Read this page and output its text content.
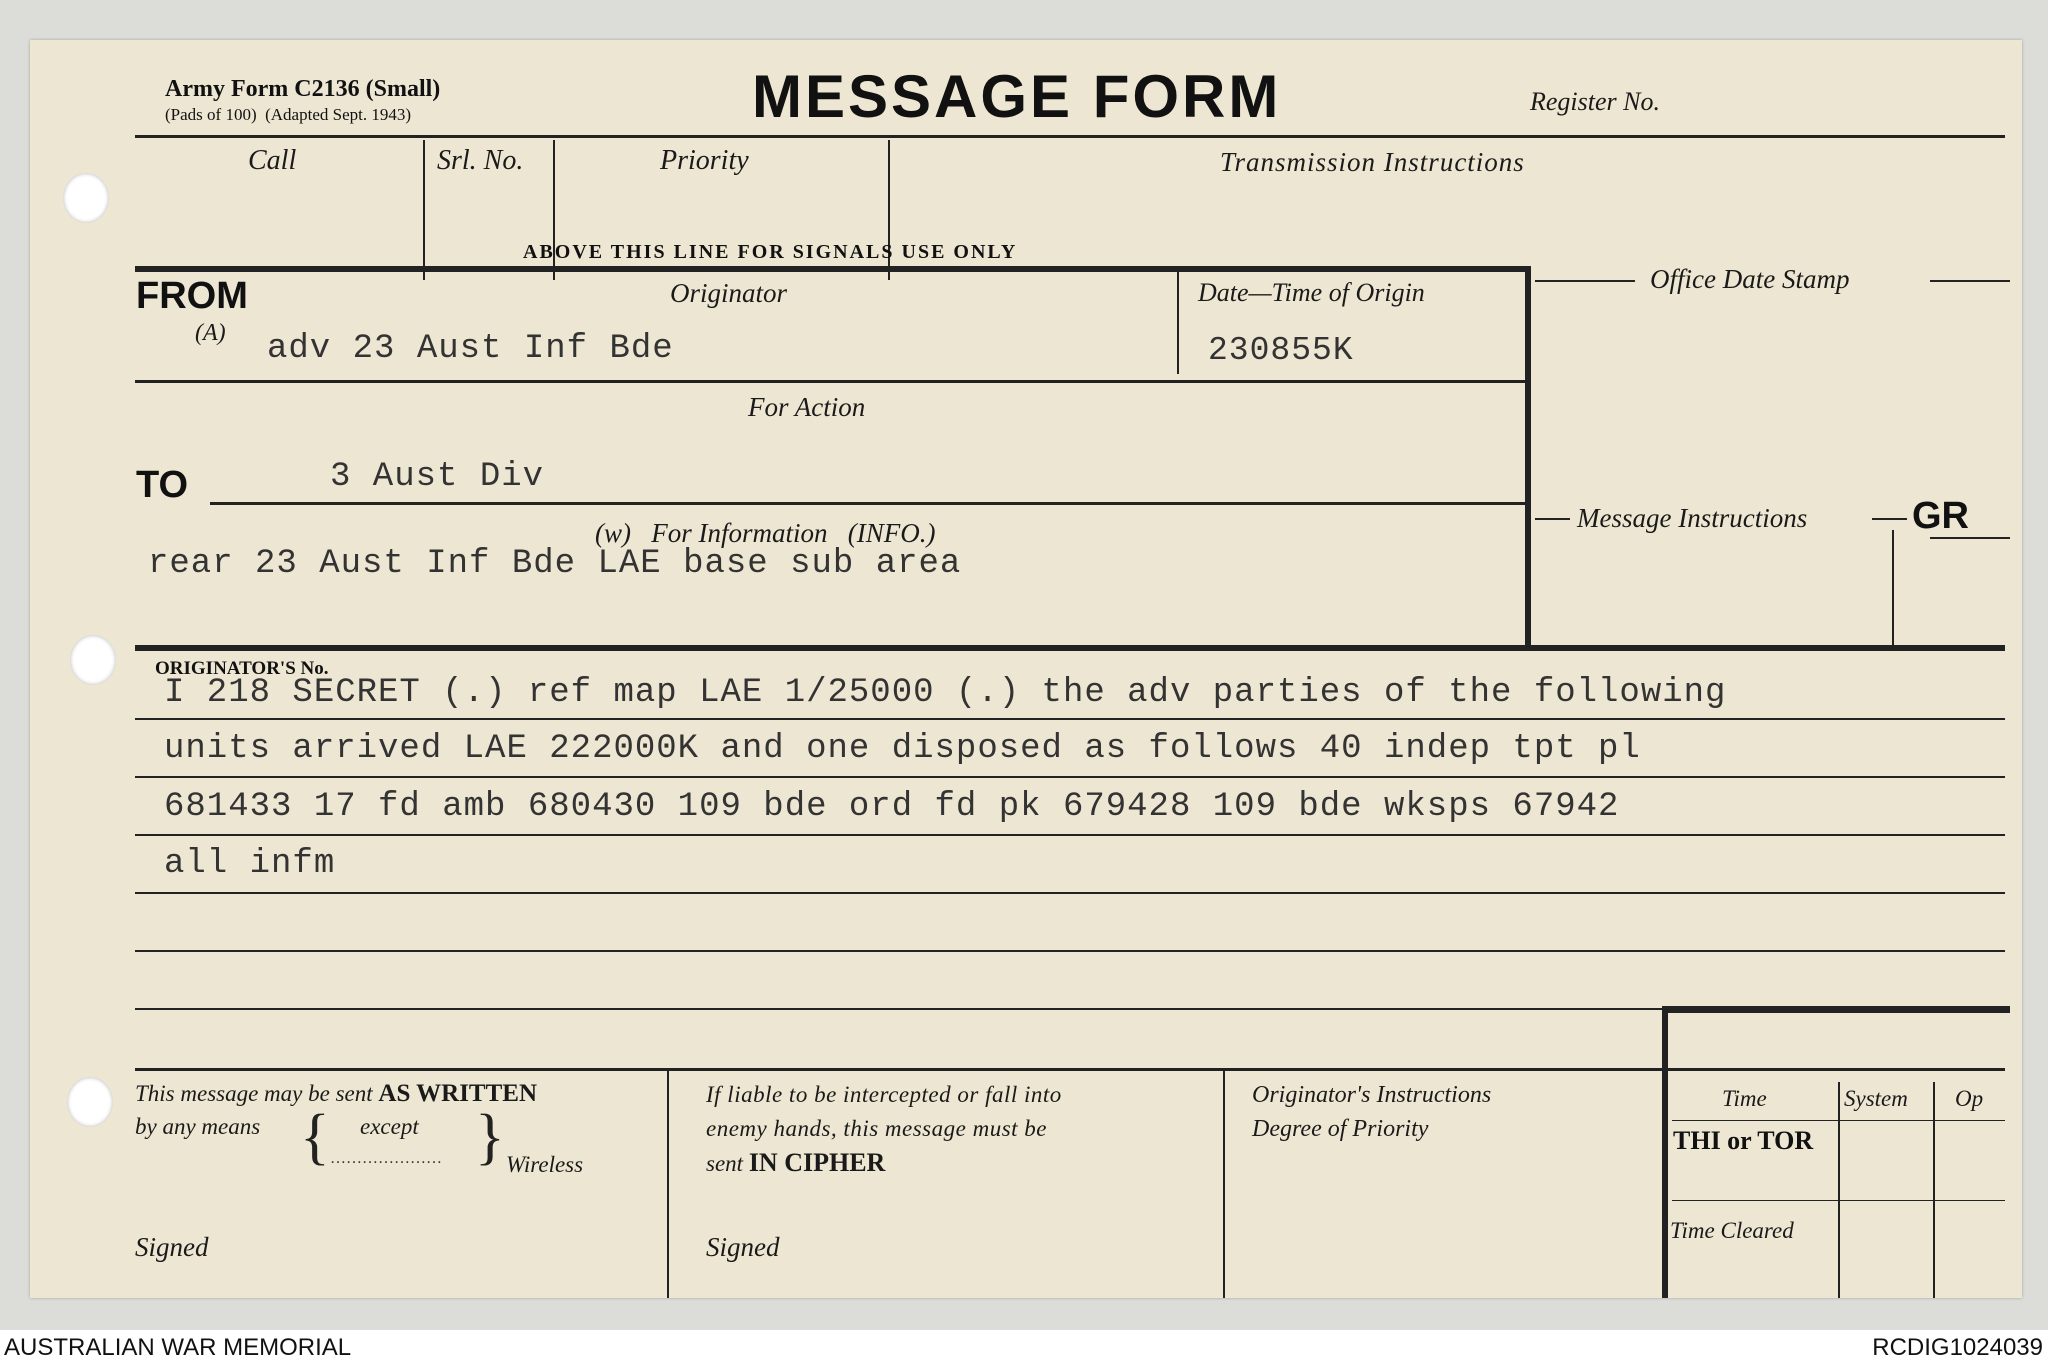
Army Form C2136 (Small)
(Pads of 100) (Adapted Sept. 1943)	MESSAGE FORM	Register No.
Call	Srl. No.	Priority	Transmission Instructions
ABOVE THIS LINE FOR SIGNALS USE ONLY
FROM
(A)
Originator
adv 23 Aust Inf Bde
Date—Time of Origin
230855K
Office Date Stamp
For Action
TO	3 Aust Div
Message Instructions	GR
(w) For Information (INFO.)
rear 23 Aust Inf Bde LAE base sub area
ORIGINATOR'S No.
I 218 SECRET (.) ref map LAE 1/25000 (.) the adv parties of the following
units arrived LAE 222000K and one disposed as follows 40 indep tpt pl
681433 17 fd amb 680430 109 bde ord fd pk 679428 109 bde wksps 67942
all infm
This message may be sent AS WRITTEN
by any means { except
………………… } Wireless
Signed
If liable to be intercepted or fall into
enemy hands, this message must be
sent IN CIPHER
Signed
Originator's Instructions
Degree of Priority
Time	System Op
THI or TOR
Time Cleared
AUSTRALIAN WAR MEMORIAL	RCDIG1024039
